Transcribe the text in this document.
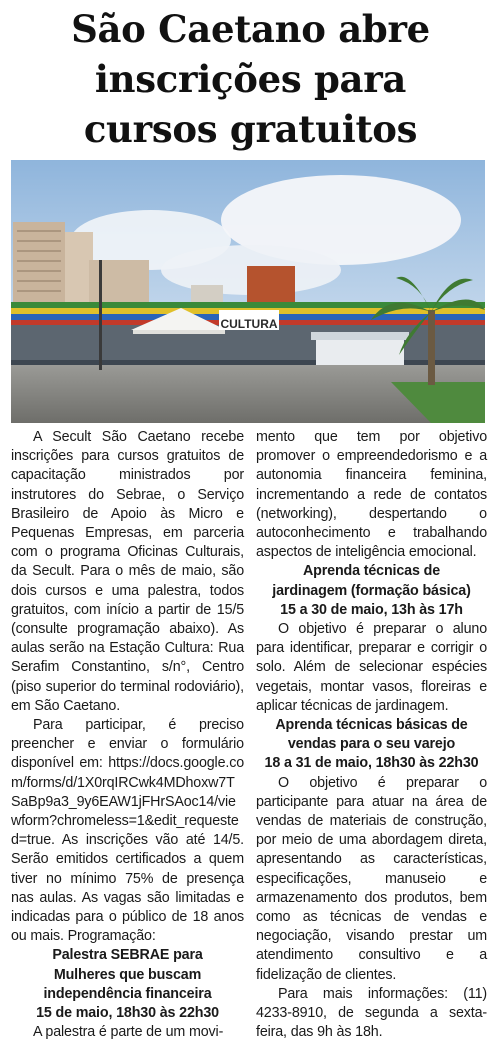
São Caetano abre
inscrições para
cursos gratuitos
CULTURA

A Secult São Caetano recebe inscrições para cursos gratuitos de capacitação ministrados por instrutores do Sebrae, o Serviço Brasileiro de Apoio às Micro e Pequenas Empresas, em parceria com o programa Oficinas Culturais, da Secult. Para o mês de maio, são dois cursos e uma palestra, todos gratuitos, com início a partir de 15/5 (consulte programação abaixo). As aulas serão na Estação Cultura: Rua Serafim Constantino, s/n°, Centro (piso superior do terminal rodoviário), em São Caetano.

Para participar, é preciso preencher e enviar o formulário disponível em: https://docs.google.com/forms/d/1X0rqIRCwk4MDhoxw7TSaBp9a3_9y6EAW1jFHrSAoc14/viewform?chromeless=1&edit_requested=true. As inscrições vão até 14/5. Serão emitidos certificados a quem tiver no mínimo 75% de presença nas aulas. As vagas são limitadas e indicadas para o público de 18 anos ou mais. Programação:

Palestra SEBRAE para
Mulheres que buscam
independência financeira
15 de maio, 18h30 às 22h30

A palestra é parte de um movi-

mento que tem por objetivo promover o empreendedorismo e a autonomia financeira feminina, incrementando a rede de contatos (networking), despertando o autoconhecimento e trabalhando aspectos de inteligência emocional.

Aprenda técnicas de
jardinagem (formação básica)
15 a 30 de maio, 13h às 17h

O objetivo é preparar o aluno para identificar, preparar e corrigir o solo. Além de selecionar espécies vegetais, montar vasos, floreiras e aplicar técnicas de jardinagem.

Aprenda técnicas básicas de
vendas para o seu varejo
18 a 31 de maio, 18h30 às 22h30

O objetivo é preparar o participante para atuar na área de vendas de materiais de construção, por meio de uma abordagem direta, apresentando as características, especificações, manuseio e armazenamento dos produtos, bem como as técnicas de vendas e negociação, visando prestar um atendimento consultivo e a fidelização de clientes.

Para mais informações: (11) 4233-8910, de segunda a sexta-feira, das 9h às 18h.
